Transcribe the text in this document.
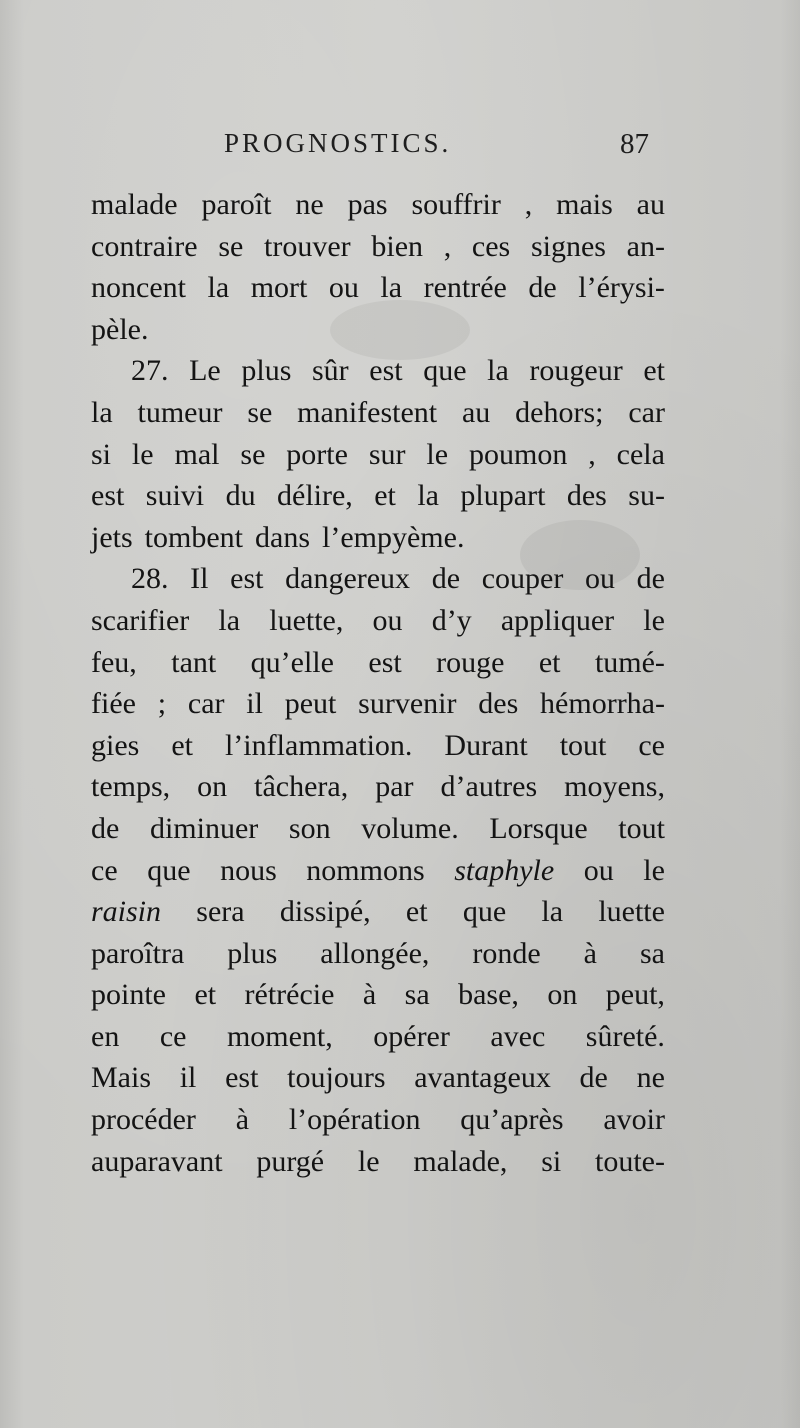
PROGNOSTICS.	87
malade paroît ne pas souffrir , mais au
contraire se trouver bien , ces signes an-
noncent la mort ou la rentrée de l’érysi-
pèle.
27. Le plus sûr est que la rougeur et
la tumeur se manifestent au dehors; car
si le mal se porte sur le poumon , cela
est suivi du délire, et la plupart des su-
jets tombent dans l’empyème.
28. Il est dangereux de couper ou de
scarifier la luette, ou d’y appliquer le
feu, tant qu’elle est rouge et tumé-
fiée ; car il peut survenir des hémorrha-
gies et l’inflammation. Durant tout ce
temps, on tâchera, par d’autres moyens,
de diminuer son volume. Lorsque tout
ce que nous nommons staphyle ou le
raisin sera dissipé, et que la luette
paroîtra plus allongée, ronde à sa
pointe et rétrécie à sa base, on peut,
en ce moment, opérer avec sûreté.
Mais il est toujours avantageux de ne
procéder à l’opération qu’après avoir
auparavant purgé le malade, si toute-
